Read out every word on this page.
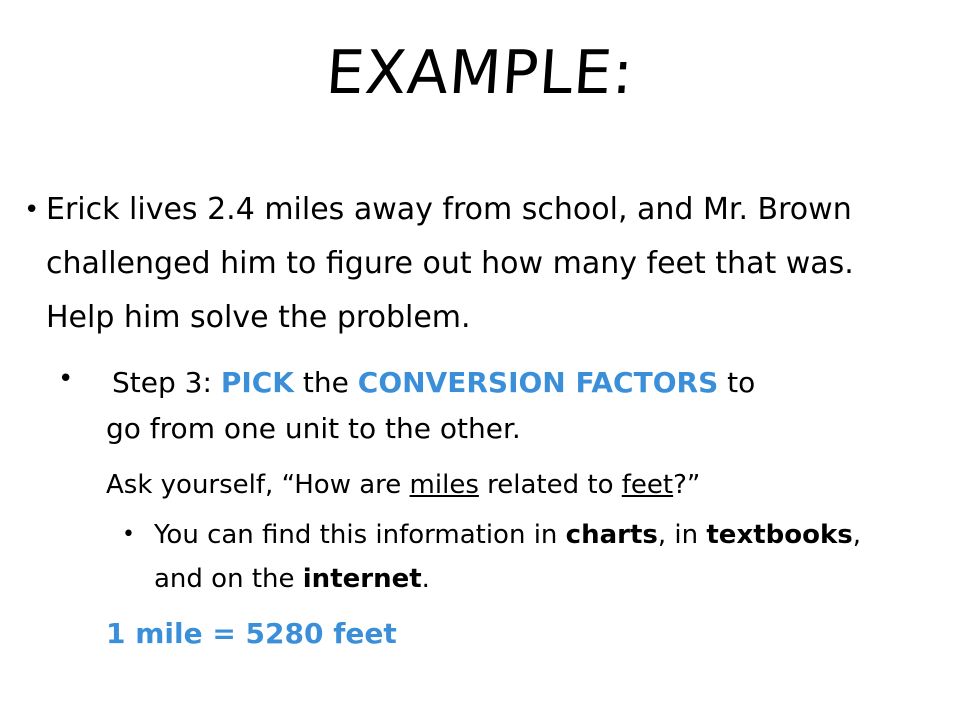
EXAMPLE:
• Erick lives 2.4 miles away from school, and Mr. Brown challenged him to figure out how many feet that was. Help him solve the problem.
• Step 3: PICK the CONVERSION FACTORS to
go from one unit to the other.
Ask yourself, “How are miles related to feet?”
• You can find this information in charts, in textbooks, and on the internet.
1 mile = 5280 feet
